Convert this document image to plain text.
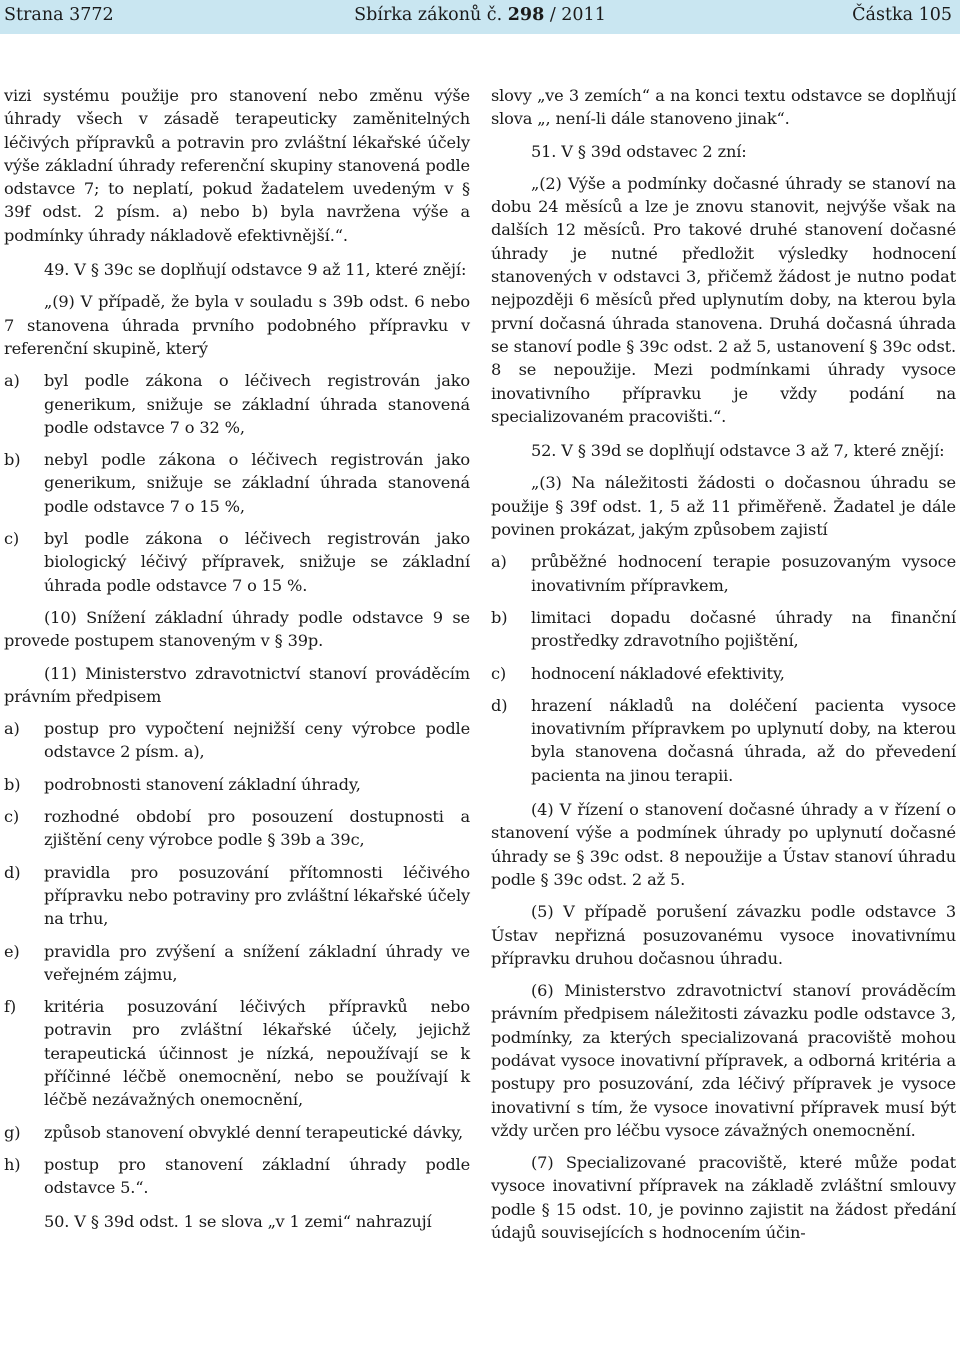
Strana 3772	Sbírka zákonů č. 298 / 2011	Částka 105

vizi systému použije pro stanovení nebo změnu výše úhrady všech v zásadě terapeuticky zaměnitelných léčivých přípravků a potravin pro zvláštní lékařské účely výše základní úhrady referenční skupiny stanovená podle odstavce 7; to neplatí, pokud žadatelem uvedeným v § 39f odst. 2 písm. a) nebo b) byla navržena výše a podmínky úhrady nákladově efektivnější.“.

49. V § 39c se doplňují odstavce 9 až 11, které znějí:

„(9) V případě, že byla v souladu s 39b odst. 6 nebo 7 stanovena úhrada prvního podobného přípravku v referenční skupině, který

a) byl podle zákona o léčivech registrován jako generikum, snižuje se základní úhrada stanovená podle odstavce 7 o 32 %,
b) nebyl podle zákona o léčivech registrován jako generikum, snižuje se základní úhrada stanovená podle odstavce 7 o 15 %,
c) byl podle zákona o léčivech registrován jako biologický léčivý přípravek, snižuje se základní úhrada podle odstavce 7 o 15 %.

(10) Snížení základní úhrady podle odstavce 9 se provede postupem stanoveným v § 39p.

(11) Ministerstvo zdravotnictví stanoví prováděcím právním předpisem

a) postup pro vypočtení nejnižší ceny výrobce podle odstavce 2 písm. a),
b) podrobnosti stanovení základní úhrady,
c) rozhodné období pro posouzení dostupnosti a zjištění ceny výrobce podle § 39b a 39c,
d) pravidla pro posuzování přítomnosti léčivého přípravku nebo potraviny pro zvláštní lékařské účely na trhu,
e) pravidla pro zvýšení a snížení základní úhrady ve veřejném zájmu,
f) kritéria posuzování léčivých přípravků nebo potravin pro zvláštní lékařské účely, jejichž terapeutická účinnost je nízká, nepoužívají se k příčinné léčbě onemocnění, nebo se používají k léčbě nezávažných onemocnění,
g) způsob stanovení obvyklé denní terapeutické dávky,
h) postup pro stanovení základní úhrady podle odstavce 5.“.

50. V § 39d odst. 1 se slova „v 1 zemi“ nahrazují

slovy „ve 3 zemích“ a na konci textu odstavce se doplňují slova „, není-li dále stanoveno jinak“.

51. V § 39d odstavec 2 zní:

„(2) Výše a podmínky dočasné úhrady se stanoví na dobu 24 měsíců a lze je znovu stanovit, nejvýše však na dalších 12 měsíců. Pro takové druhé stanovení dočasné úhrady je nutné předložit výsledky hodnocení stanovených v odstavci 3, přičemž žádost je nutno podat nejpozději 6 měsíců před uplynutím doby, na kterou byla první dočasná úhrada stanovena. Druhá dočasná úhrada se stanoví podle § 39c odst. 2 až 5, ustanovení § 39c odst. 8 se nepoužije. Mezi podmínkami úhrady vysoce inovativního přípravku je vždy podání na specializovaném pracovišti.“.

52. V § 39d se doplňují odstavce 3 až 7, které znějí:

„(3) Na náležitosti žádosti o dočasnou úhradu se použije § 39f odst. 1, 5 až 11 přiměřeně. Žadatel je dále povinen prokázat, jakým způsobem zajistí

a) průběžné hodnocení terapie posuzovaným vysoce inovativním přípravkem,
b) limitaci dopadu dočasné úhrady na finanční prostředky zdravotního pojištění,
c) hodnocení nákladové efektivity,
d) hrazení nákladů na doléčení pacienta vysoce inovativním přípravkem po uplynutí doby, na kterou byla stanovena dočasná úhrada, až do převedení pacienta na jinou terapii.

(4) V řízení o stanovení dočasné úhrady a v řízení o stanovení výše a podmínek úhrady po uplynutí dočasné úhrady se § 39c odst. 8 nepoužije a Ústav stanoví úhradu podle § 39c odst. 2 až 5.

(5) V případě porušení závazku podle odstavce 3 Ústav nepřizná posuzovanému vysoce inovativnímu přípravku druhou dočasnou úhradu.

(6) Ministerstvo zdravotnictví stanoví prováděcím právním předpisem náležitosti závazku podle odstavce 3, podmínky, za kterých specializovaná pracoviště mohou podávat vysoce inovativní přípravek, a odborná kritéria a postupy pro posuzování, zda léčivý přípravek je vysoce inovativní s tím, že vysoce inovativní přípravek musí být vždy určen pro léčbu vysoce závažných onemocnění.

(7) Specializované pracoviště, které může podat vysoce inovativní přípravek na základě zvláštní smlouvy podle § 15 odst. 10, je povinno zajistit na žádost předání údajů souvisejících s hodnocením účin-
